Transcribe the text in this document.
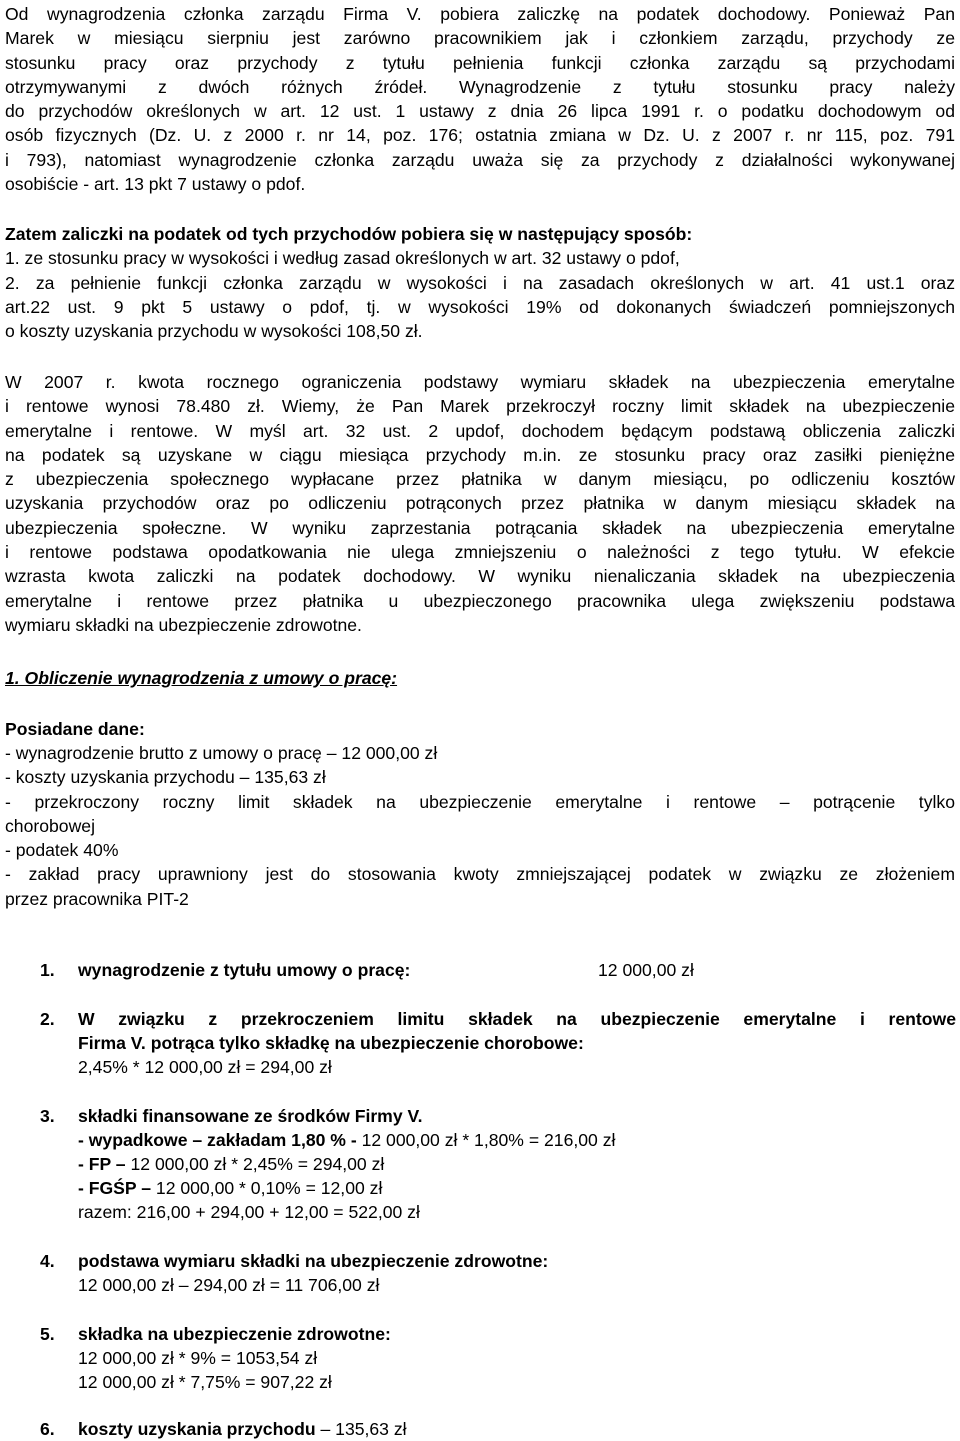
Od wynagrodzenia członka zarządu Firma V. pobiera zaliczkę na podatek dochodowy. Ponieważ Pan
Marek w miesiącu sierpniu jest zarówno pracownikiem jak i członkiem zarządu, przychody ze
stosunku pracy oraz przychody z tytułu pełnienia funkcji członka zarządu są przychodami
otrzymywanymi z dwóch różnych źródeł. Wynagrodzenie z tytułu stosunku pracy należy
do przychodów określonych w art. 12 ust. 1 ustawy z dnia 26 lipca 1991 r. o podatku dochodowym od
osób fizycznych (Dz. U. z 2000 r. nr 14, poz. 176; ostatnia zmiana w Dz. U. z 2007 r. nr 115, poz. 791
i 793), natomiast wynagrodzenie członka zarządu uważa się za przychody z działalności wykonywanej
osobiście - art. 13 pkt 7 ustawy o pdof.
Zatem zaliczki na podatek od tych przychodów pobiera się w następujący sposób:
1. ze stosunku pracy w wysokości i według zasad określonych w art. 32 ustawy o pdof,
2. za pełnienie funkcji członka zarządu w wysokości i na zasadach określonych w art. 41 ust.1 oraz
art.22 ust. 9 pkt 5 ustawy o pdof, tj. w wysokości 19% od dokonanych świadczeń pomniejszonych
o koszty uzyskania przychodu w wysokości 108,50 zł.
W 2007 r. kwota rocznego ograniczenia podstawy wymiaru składek na ubezpieczenia emerytalne
i rentowe wynosi 78.480 zł. Wiemy, że Pan Marek przekroczył roczny limit składek na ubezpieczenie
emerytalne i rentowe. W myśl art. 32 ust. 2 updof, dochodem będącym podstawą obliczenia zaliczki
na podatek są uzyskane w ciągu miesiąca przychody m.in. ze stosunku pracy oraz zasiłki pieniężne
z ubezpieczenia społecznego wypłacane przez płatnika w danym miesiącu, po odliczeniu kosztów
uzyskania przychodów oraz po odliczeniu potrąconych przez płatnika w danym miesiącu składek na
ubezpieczenia społeczne. W wyniku zaprzestania potrącania składek na ubezpieczenia emerytalne
i rentowe podstawa opodatkowania nie ulega zmniejszeniu o należności z tego tytułu. W efekcie
wzrasta kwota zaliczki na podatek dochodowy. W wyniku nienaliczania składek na ubezpieczenia
emerytalne i rentowe przez płatnika u ubezpieczonego pracownika ulega zwiększeniu podstawa
wymiaru składki na ubezpieczenie zdrowotne.

1. Obliczenie wynagrodzenia z umowy o pracę:

Posiadane dane:

- wynagrodzenie brutto z umowy o pracę – 12 000,00 zł
- koszty uzyskania przychodu – 135,63 zł
- przekroczony roczny limit składek na ubezpieczenie emerytalne i rentowe – potrącenie tylko
chorobowej
- podatek 40%
- zakład pracy uprawniony jest do stosowania kwoty zmniejszającej podatek w związku ze złożeniem
przez pracownika PIT-2
1. wynagrodzenie z tytułu umowy o pracę:	12 000,00 zł
2. W związku z przekroczeniem limitu składek na ubezpieczenie emerytalne i rentowe
Firma V. potrąca tylko składkę na ubezpieczenie chorobowe:

2,45% * 12 000,00 zł = 294,00 zł

3. składki finansowane ze środków Firmy V.

- wypadkowe – zakładam 1,80 % - 12 000,00 zł * 1,80% = 216,00 zł

- FP – 12 000,00 zł * 2,45% = 294,00 zł

- FGŚP – 12 000,00 * 0,10% = 12,00 zł

razem: 216,00 + 294,00 + 12,00 = 522,00 zł

4. podstawa wymiaru składki na ubezpieczenie zdrowotne:

12 000,00 zł – 294,00 zł = 11 706,00 zł

5. składka na ubezpieczenie zdrowotne:

12 000,00 zł * 9% = 1053,54 zł

12 000,00 zł * 7,75% = 907,22 zł

6. koszty uzyskania przychodu – 135,63 zł
